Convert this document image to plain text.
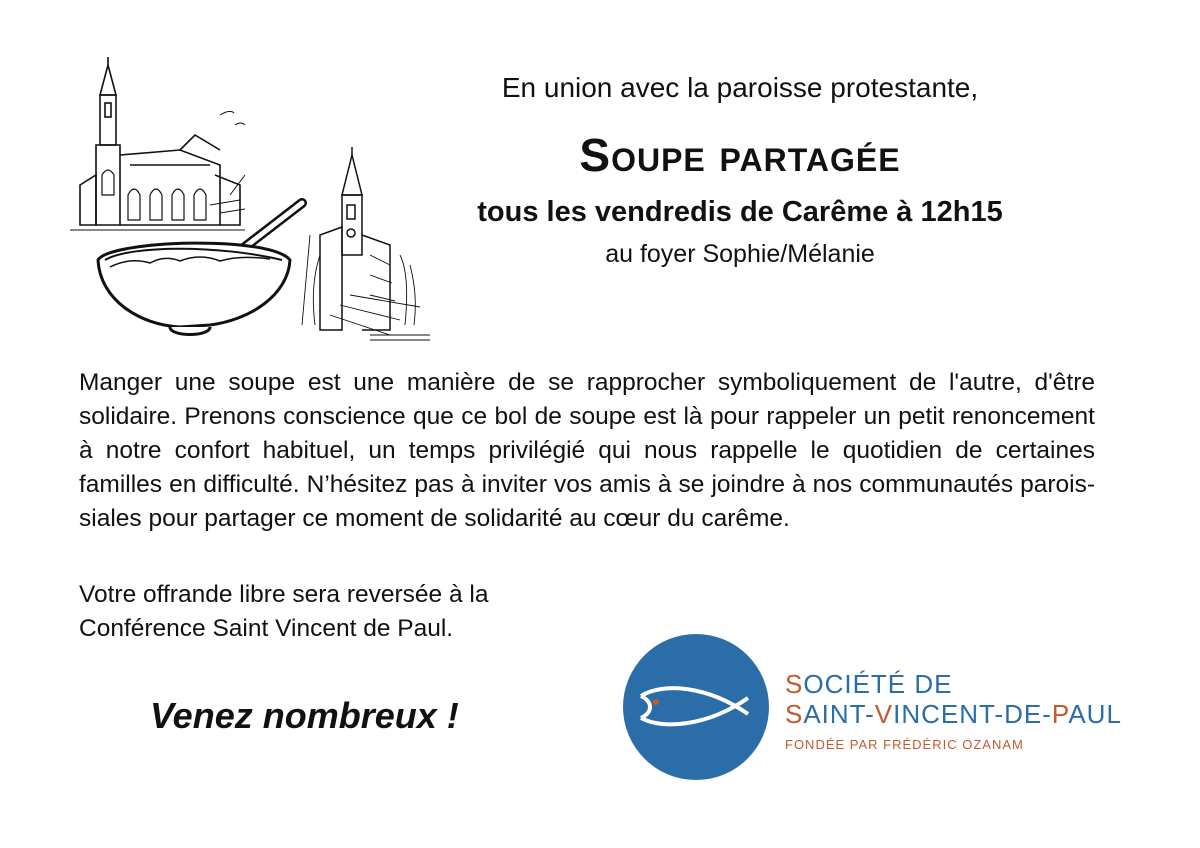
En union avec la paroisse protestante,
Soupe partagée
tous les vendredis de Carême à 12h15
au foyer Sophie/Mélanie
Manger une soupe est une manière de se rapprocher symboliquement de l'autre, d'être solidaire. Prenons conscience que ce bol de soupe est là pour rappeler un petit renoncement à notre confort habituel, un temps privilégié qui nous rappelle le quotidien de certaines familles en difficulté. N’hésitez pas à inviter vos amis à se joindre à nos communautés parois-siales pour partager ce moment de solidarité au cœur du carême.
Votre offrande libre sera reversée à la
Conférence Saint Vincent de Paul.
Venez nombreux !
SOCIÉTÉ DE
SAINT-VINCENT-DE-PAUL
FONDÉE PAR FRÉDÉRIC OZANAM
